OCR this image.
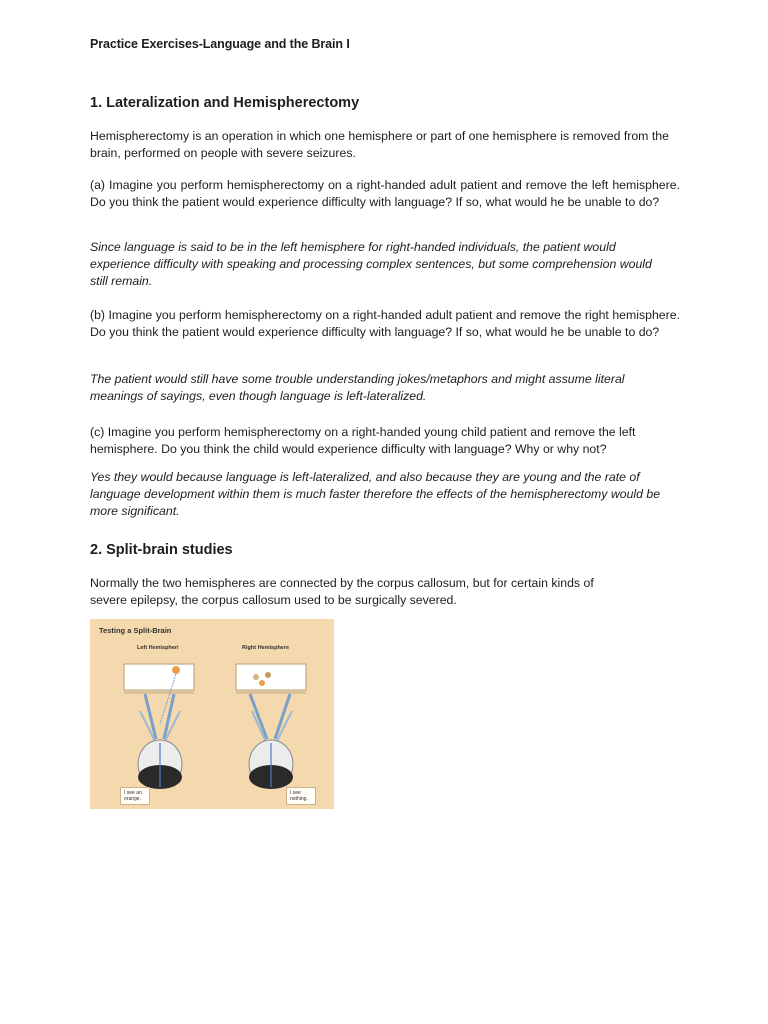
Practice Exercises-Language and the Brain I
1. Lateralization and Hemispherectomy
Hemispherectomy is an operation in which one hemisphere or part of one hemisphere is removed from the brain, performed on people with severe seizures.
(a) Imagine you perform hemispherectomy on a right-handed adult patient and remove the left hemisphere. Do you think the patient would experience difficulty with language? If so, what would he be unable to do?
Since language is said to be in the left hemisphere for right-handed individuals, the patient would experience difficulty with speaking and processing complex sentences, but some comprehension would still remain.
(b) Imagine you perform hemispherectomy on a right-handed adult patient and remove the right hemisphere. Do you think the patient would experience difficulty with language? If so, what would he be unable to do?
The patient would still have some trouble understanding jokes/metaphors and might assume literal meanings of sayings, even though language is left-lateralized.
(c) Imagine you perform hemispherectomy on a right-handed young child patient and remove the left hemisphere. Do you think the child would experience difficulty with language? Why or why not?
Yes they would because language is left-lateralized, and also because they are young and the rate of language development within them is much faster therefore the effects of the hemispherectomy would be more significant.
2. Split-brain studies
Normally the two hemispheres are connected by the corpus callosum, but for certain kinds of severe epilepsy, the corpus callosum used to be surgically severed.
Testing a Split-Brain
Left Hemispheri	Right Hemisphere
I see an orange.
I see nothing.
